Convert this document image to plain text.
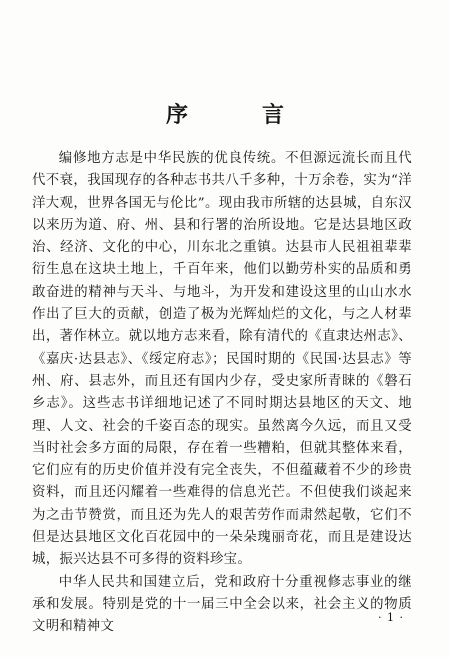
序　言

编修地方志是中华民族的优良传统。不但源远流长而且代代不衰，我国现存的各种志书共八千多种，十万余卷，实为“洋洋大观，世界各国无与伦比”。现由我市所辖的达县城，自东汉以来历为道、府、州、县和行署的治所设地。它是达县地区政治、经济、文化的中心，川东北之重镇。达县市人民祖祖辈辈衍生息在这块土地上，千百年来，他们以勤劳朴实的品质和勇敢奋进的精神与天斗、与地斗，为开发和建设这里的山山水水作出了巨大的贡献，创造了极为光辉灿烂的文化，与之人材辈出，著作林立。就以地方志来看，除有清代的《直隶达州志》、《嘉庆·达县志》、《绥定府志》；民国时期的《民国·达县志》等州、府、县志外，而且还有国内少存，受史家所青睐的《磐石乡志》。这些志书详细地记述了不同时期达县地区的天文、地理、人文、社会的千姿百态的现实。虽然离今久远，而且又受当时社会多方面的局限，存在着一些糟粕，但就其整体来看，它们应有的历史价值并没有完全丧失，不但蕴藏着不少的珍贵资料，而且还闪耀着一些难得的信息光芒。不但使我们谈起来为之击节赞赏，而且还为先人的艰苦劳作而肃然起敬，它们不但是达县地区文化百花园中的一朵朵瑰丽奇花，而且是建设达城，振兴达县不可多得的资料珍宝。

中华人民共和国建立后，党和政府十分重视修志事业的继承和发展。特别是党的十一届三中全会以来，社会主义的物质文明和精神文

· 1 ·
